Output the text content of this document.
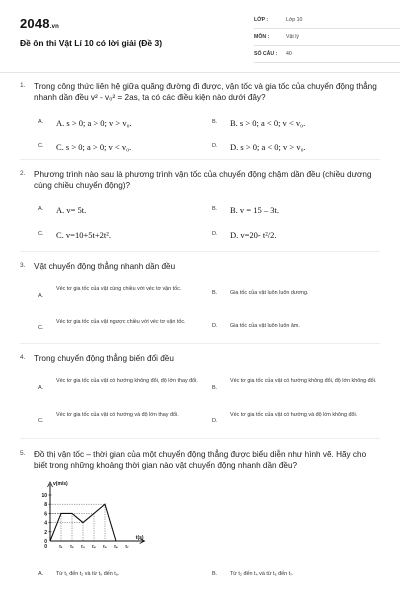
2048.vn
Đề ôn thi Vật Lí 10 có lời giải (Đề 3)
LỚP :	Lớp 10
MÔN :	Vật lý
SỐ CÂU : 40
1. Trong công thức liên hệ giữa quãng đường đi được, vận tốc và gia tốc của chuyển động thẳng nhanh dần đều v² - v₀² = 2as, ta có các điều kiện nào dưới đây?
A. A. s > 0; a > 0; v > v₀.	B. B. s > 0; a < 0; v < v₀.
C. C. s > 0; a > 0; v < v₀.	D. D. s > 0; a < 0; v > v₀.
2. Phương trình nào sau là phương trình vận tốc của chuyển động chậm dần đều (chiều dương cùng chiều chuyển động)?
A. A. v= 5t.	B. B. v = 15 – 3t.
C. C. v=10+5t+2t².	D. D. v=20- t²/2.
3. Vật chuyển động thẳng nhanh dần đều
A.
Véc tơ gia tốc của vật cùng chiều với véc tơ vận tốc.
B. Gia tốc của vật luôn luôn dương.
C.
Véc tơ gia tốc của vật ngược chiều với véc tơ vận tốc.
D. Gia tốc của vật luôn luôn âm.
4. Trong chuyển động thẳng biến đổi đều
A.
Véc tơ gia tốc của vật có hướng không đổi, độ lớn thay đổi.
B.
Véc tơ gia tốc của vật có hướng không đổi, độ lớn không đổi.
C.
Véc tơ gia tốc của vật có hướng và độ lớn thay đổi.
D.
Véc tơ gia tốc của vật có hướng và độ lớn không đổi.
5. Đồ thị vận tốc – thời gian của một chuyển động thẳng được biểu diễn như hình vẽ. Hãy cho biết trong những khoảng thời gian nào vật chuyển động nhanh dần đều?
v(m/s)
t(s)
10
8
6
4
2
0
t₁ t₂ t₃ t₄ t₅ t₆ t₇
0
A. Từ t₁ đến t₂ và từ t₅ đến t₆.	B. Từ t₂ đến t₄ và từ t₆ đến t₇.
